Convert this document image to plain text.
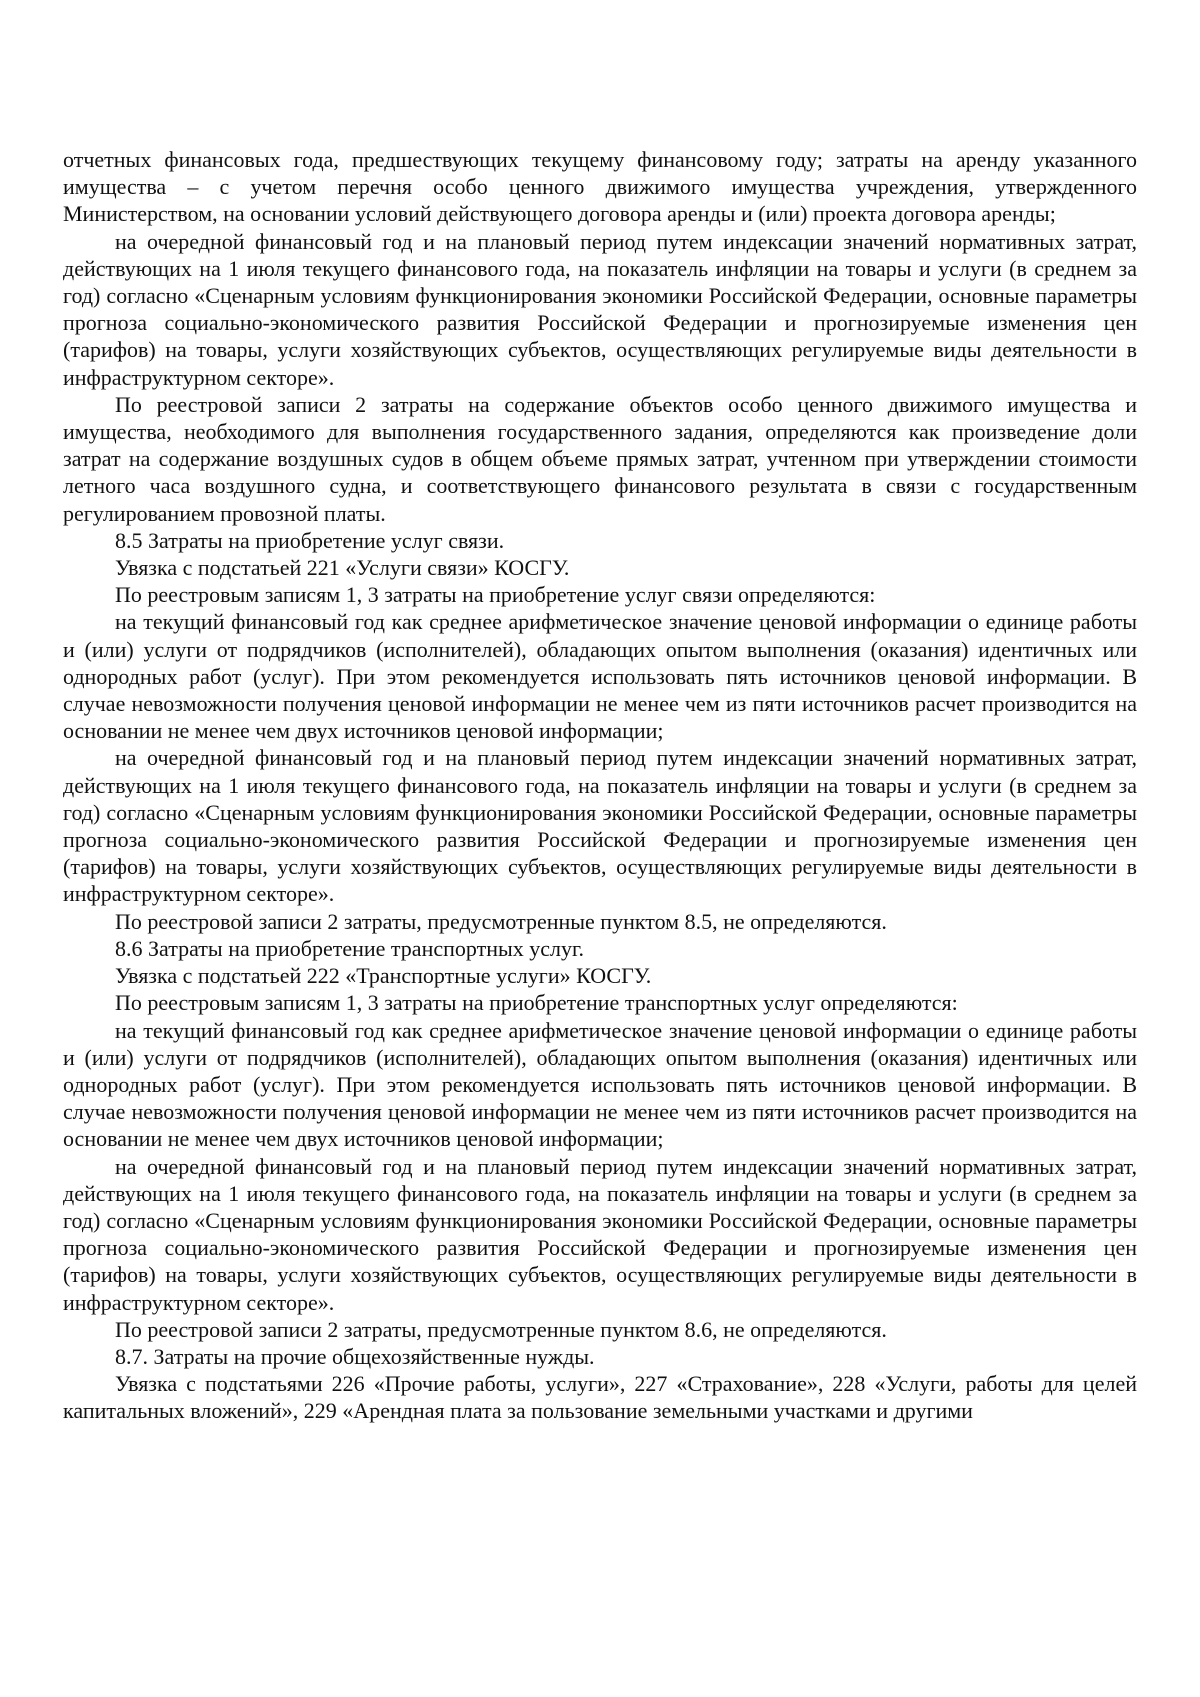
отчетных финансовых года, предшествующих текущему финансовому году; затраты на аренду указанного имущества – с учетом перечня особо ценного движимого имущества учреждения, утвержденного Министерством, на основании условий действующего договора аренды и (или) проекта договора аренды;

на очередной финансовый год и на плановый период путем индексации значений нормативных затрат, действующих на 1 июля текущего финансового года, на показатель инфляции на товары и услуги (в среднем за год) согласно «Сценарным условиям функционирования экономики Российской Федерации, основные параметры прогноза социально-экономического развития Российской Федерации и прогнозируемые изменения цен (тарифов) на товары, услуги хозяйствующих субъектов, осуществляющих регулируемые виды деятельности в инфраструктурном секторе».

По реестровой записи 2 затраты на содержание объектов особо ценного движимого имущества и имущества, необходимого для выполнения государственного задания, определяются как произведение доли затрат на содержание воздушных судов в общем объеме прямых затрат, учтенном при утверждении стоимости летного часа воздушного судна, и соответствующего финансового результата в связи с государственным регулированием провозной платы.

8.5 Затраты на приобретение услуг связи.

Увязка с подстатьей 221 «Услуги связи» КОСГУ.

По реестровым записям 1, 3 затраты на приобретение услуг связи определяются:

на текущий финансовый год как среднее арифметическое значение ценовой информации о единице работы и (или) услуги от подрядчиков (исполнителей), обладающих опытом выполнения (оказания) идентичных или однородных работ (услуг). При этом рекомендуется использовать пять источников ценовой информации. В случае невозможности получения ценовой информации не менее чем из пяти источников расчет производится на основании не менее чем двух источников ценовой информации;

на очередной финансовый год и на плановый период путем индексации значений нормативных затрат, действующих на 1 июля текущего финансового года, на показатель инфляции на товары и услуги (в среднем за год) согласно «Сценарным условиям функционирования экономики Российской Федерации, основные параметры прогноза социально-экономического развития Российской Федерации и прогнозируемые изменения цен (тарифов) на товары, услуги хозяйствующих субъектов, осуществляющих регулируемые виды деятельности в инфраструктурном секторе».

По реестровой записи 2 затраты, предусмотренные пунктом 8.5, не определяются.

8.6 Затраты на приобретение транспортных услуг.

Увязка с подстатьей 222 «Транспортные услуги» КОСГУ.

По реестровым записям 1, 3 затраты на приобретение транспортных услуг определяются:

на текущий финансовый год как среднее арифметическое значение ценовой информации о единице работы и (или) услуги от подрядчиков (исполнителей), обладающих опытом выполнения (оказания) идентичных или однородных работ (услуг). При этом рекомендуется использовать пять источников ценовой информации. В случае невозможности получения ценовой информации не менее чем из пяти источников расчет производится на основании не менее чем двух источников ценовой информации;

на очередной финансовый год и на плановый период путем индексации значений нормативных затрат, действующих на 1 июля текущего финансового года, на показатель инфляции на товары и услуги (в среднем за год) согласно «Сценарным условиям функционирования экономики Российской Федерации, основные параметры прогноза социально-экономического развития Российской Федерации и прогнозируемые изменения цен (тарифов) на товары, услуги хозяйствующих субъектов, осуществляющих регулируемые виды деятельности в инфраструктурном секторе».

По реестровой записи 2 затраты, предусмотренные пунктом 8.6, не определяются.

8.7. Затраты на прочие общехозяйственные нужды.

Увязка с подстатьями 226 «Прочие работы, услуги», 227 «Страхование», 228 «Услуги, работы для целей капитальных вложений», 229 «Арендная плата за пользование земельными участками и другими
